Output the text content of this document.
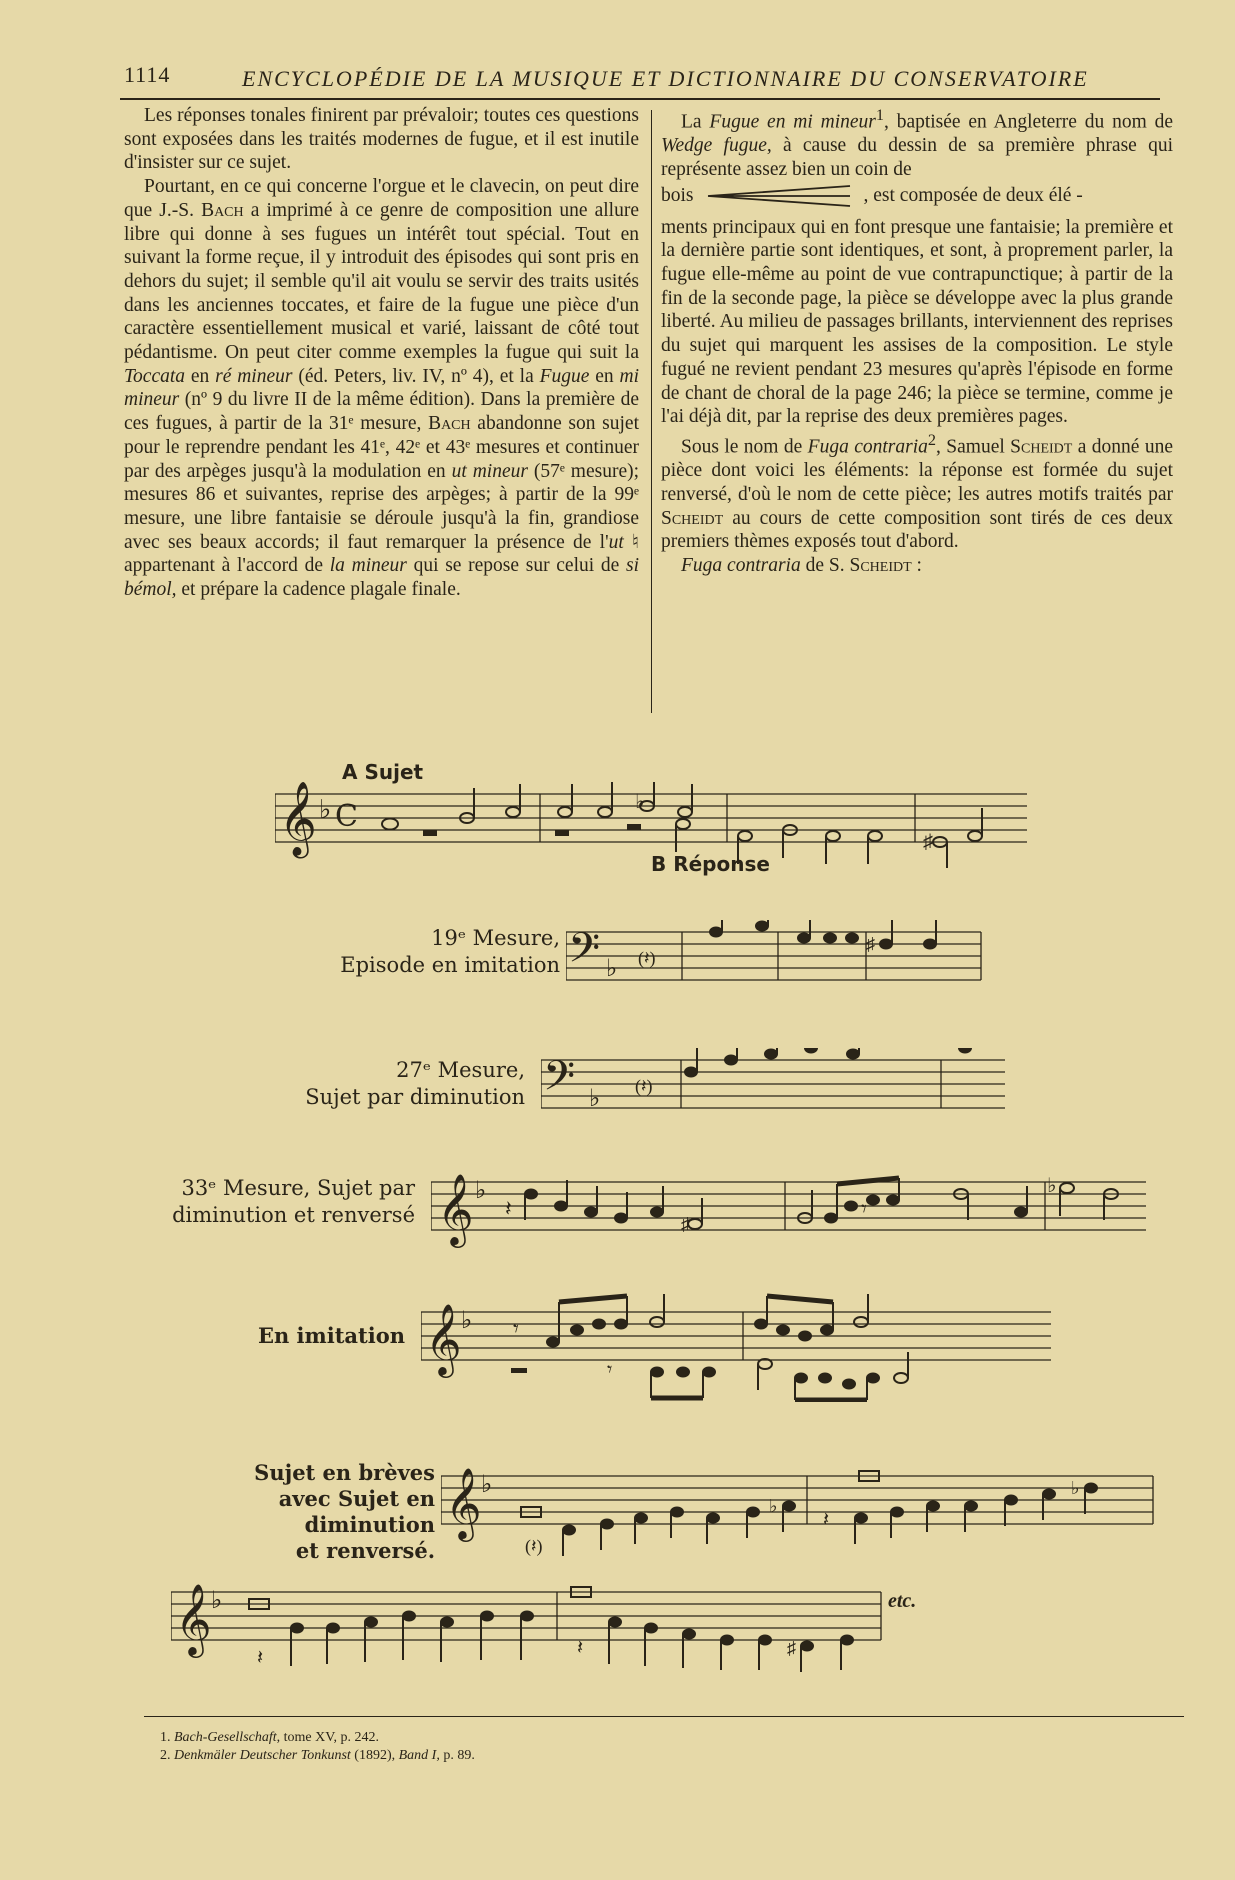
1114	ENCYCLOPÉDIE DE LA MUSIQUE ET DICTIONNAIRE DU CONSERVATOIRE

Les réponses tonales finirent par prévaloir; toutes ces questions sont exposées dans les traités modernes de fugue, et il est inutile d'insister sur ce sujet.

Pourtant, en ce qui concerne l'orgue et le clavecin, on peut dire que J.-S. Bach a imprimé à ce genre de composition une allure libre qui donne à ses fugues un intérêt tout spécial. Tout en suivant la forme reçue, il y introduit des épisodes qui sont pris en dehors du sujet; il semble qu'il ait voulu se servir des traits usités dans les anciennes toccates, et faire de la fugue une pièce d'un caractère essentiellement musical et varié, laissant de côté tout pédantisme. On peut citer comme exemples la fugue qui suit la Toccata en ré mineur (éd. Peters, liv. IV, nº 4), et la Fugue en mi mineur (nº 9 du livre II de la même édition). Dans la première de ces fugues, à partir de la 31ᵉ mesure, Bach abandonne son sujet pour le reprendre pendant les 41ᵉ, 42ᵉ et 43ᵉ mesures et continuer par des arpèges jusqu'à la modulation en ut mineur (57ᵉ mesure); mesures 86 et suivantes, reprise des arpèges; à partir de la 99ᵉ mesure, une libre fantaisie se déroule jusqu'à la fin, grandiose avec ses beaux accords; il faut remarquer la présence de l'ut ♮ appartenant à l'accord de la mineur qui se repose sur celui de si bémol, et prépare la cadence plagale finale.

La Fugue en mi mineur$^1$, baptisée en Angleterre du nom de Wedge fugue, à cause du dessin de sa première phrase qui représente assez bien un coin de

bois	, est composée de deux élé -

ments principaux qui en font presque une fantaisie; la première et la dernière partie sont identiques, et sont, à proprement parler, la fugue elle-même au point de vue contrapunctique; à partir de la fin de la seconde page, la pièce se développe avec la plus grande liberté. Au milieu de passages brillants, interviennent des reprises du sujet qui marquent les assises de la composition. Le style fugué ne revient pendant 23 mesures qu'après l'épisode en forme de chant de choral de la page 246; la pièce se termine, comme je l'ai déjà dit, par la reprise des deux premières pages.

Sous le nom de Fuga contraria$^2$, Samuel Scheidt a donné une pièce dont voici les éléments: la réponse est formée du sujet renversé, d'où le nom de cette pièce; les autres motifs traités par Scheidt au cours de cette composition sont tirés de ces deux premiers thèmes exposés tout d'abord.

Fuga contraria de S. Scheidt :

A Sujet
𝄞 ♭ C	♭
♯
B Réponse
19ᵉ Mesure,
Episode en imitation 𝄢 ♭ (𝄽)
♯
27ᵉ Mesure,
Sujet par diminution 𝄢 ♭ (𝄽)
33ᵉ Mesure, Sujet par
diminution et renversé 𝄞 ♭
𝄽
♯
♭
𝄾
En imitation 𝄞 ♭ 𝄾
𝄾
Sujet en brèves
avec Sujet en diminution
et renversé.
𝄞 ♭
(𝄽)
♭
𝄽
♭
𝄞 ♭
𝄽	𝄽	♯
etc.
1. Bach-Gesellschaft, tome XV, p. 242.
2. Denkmäler Deutscher Tonkunst (1892), Band I, p. 89.
